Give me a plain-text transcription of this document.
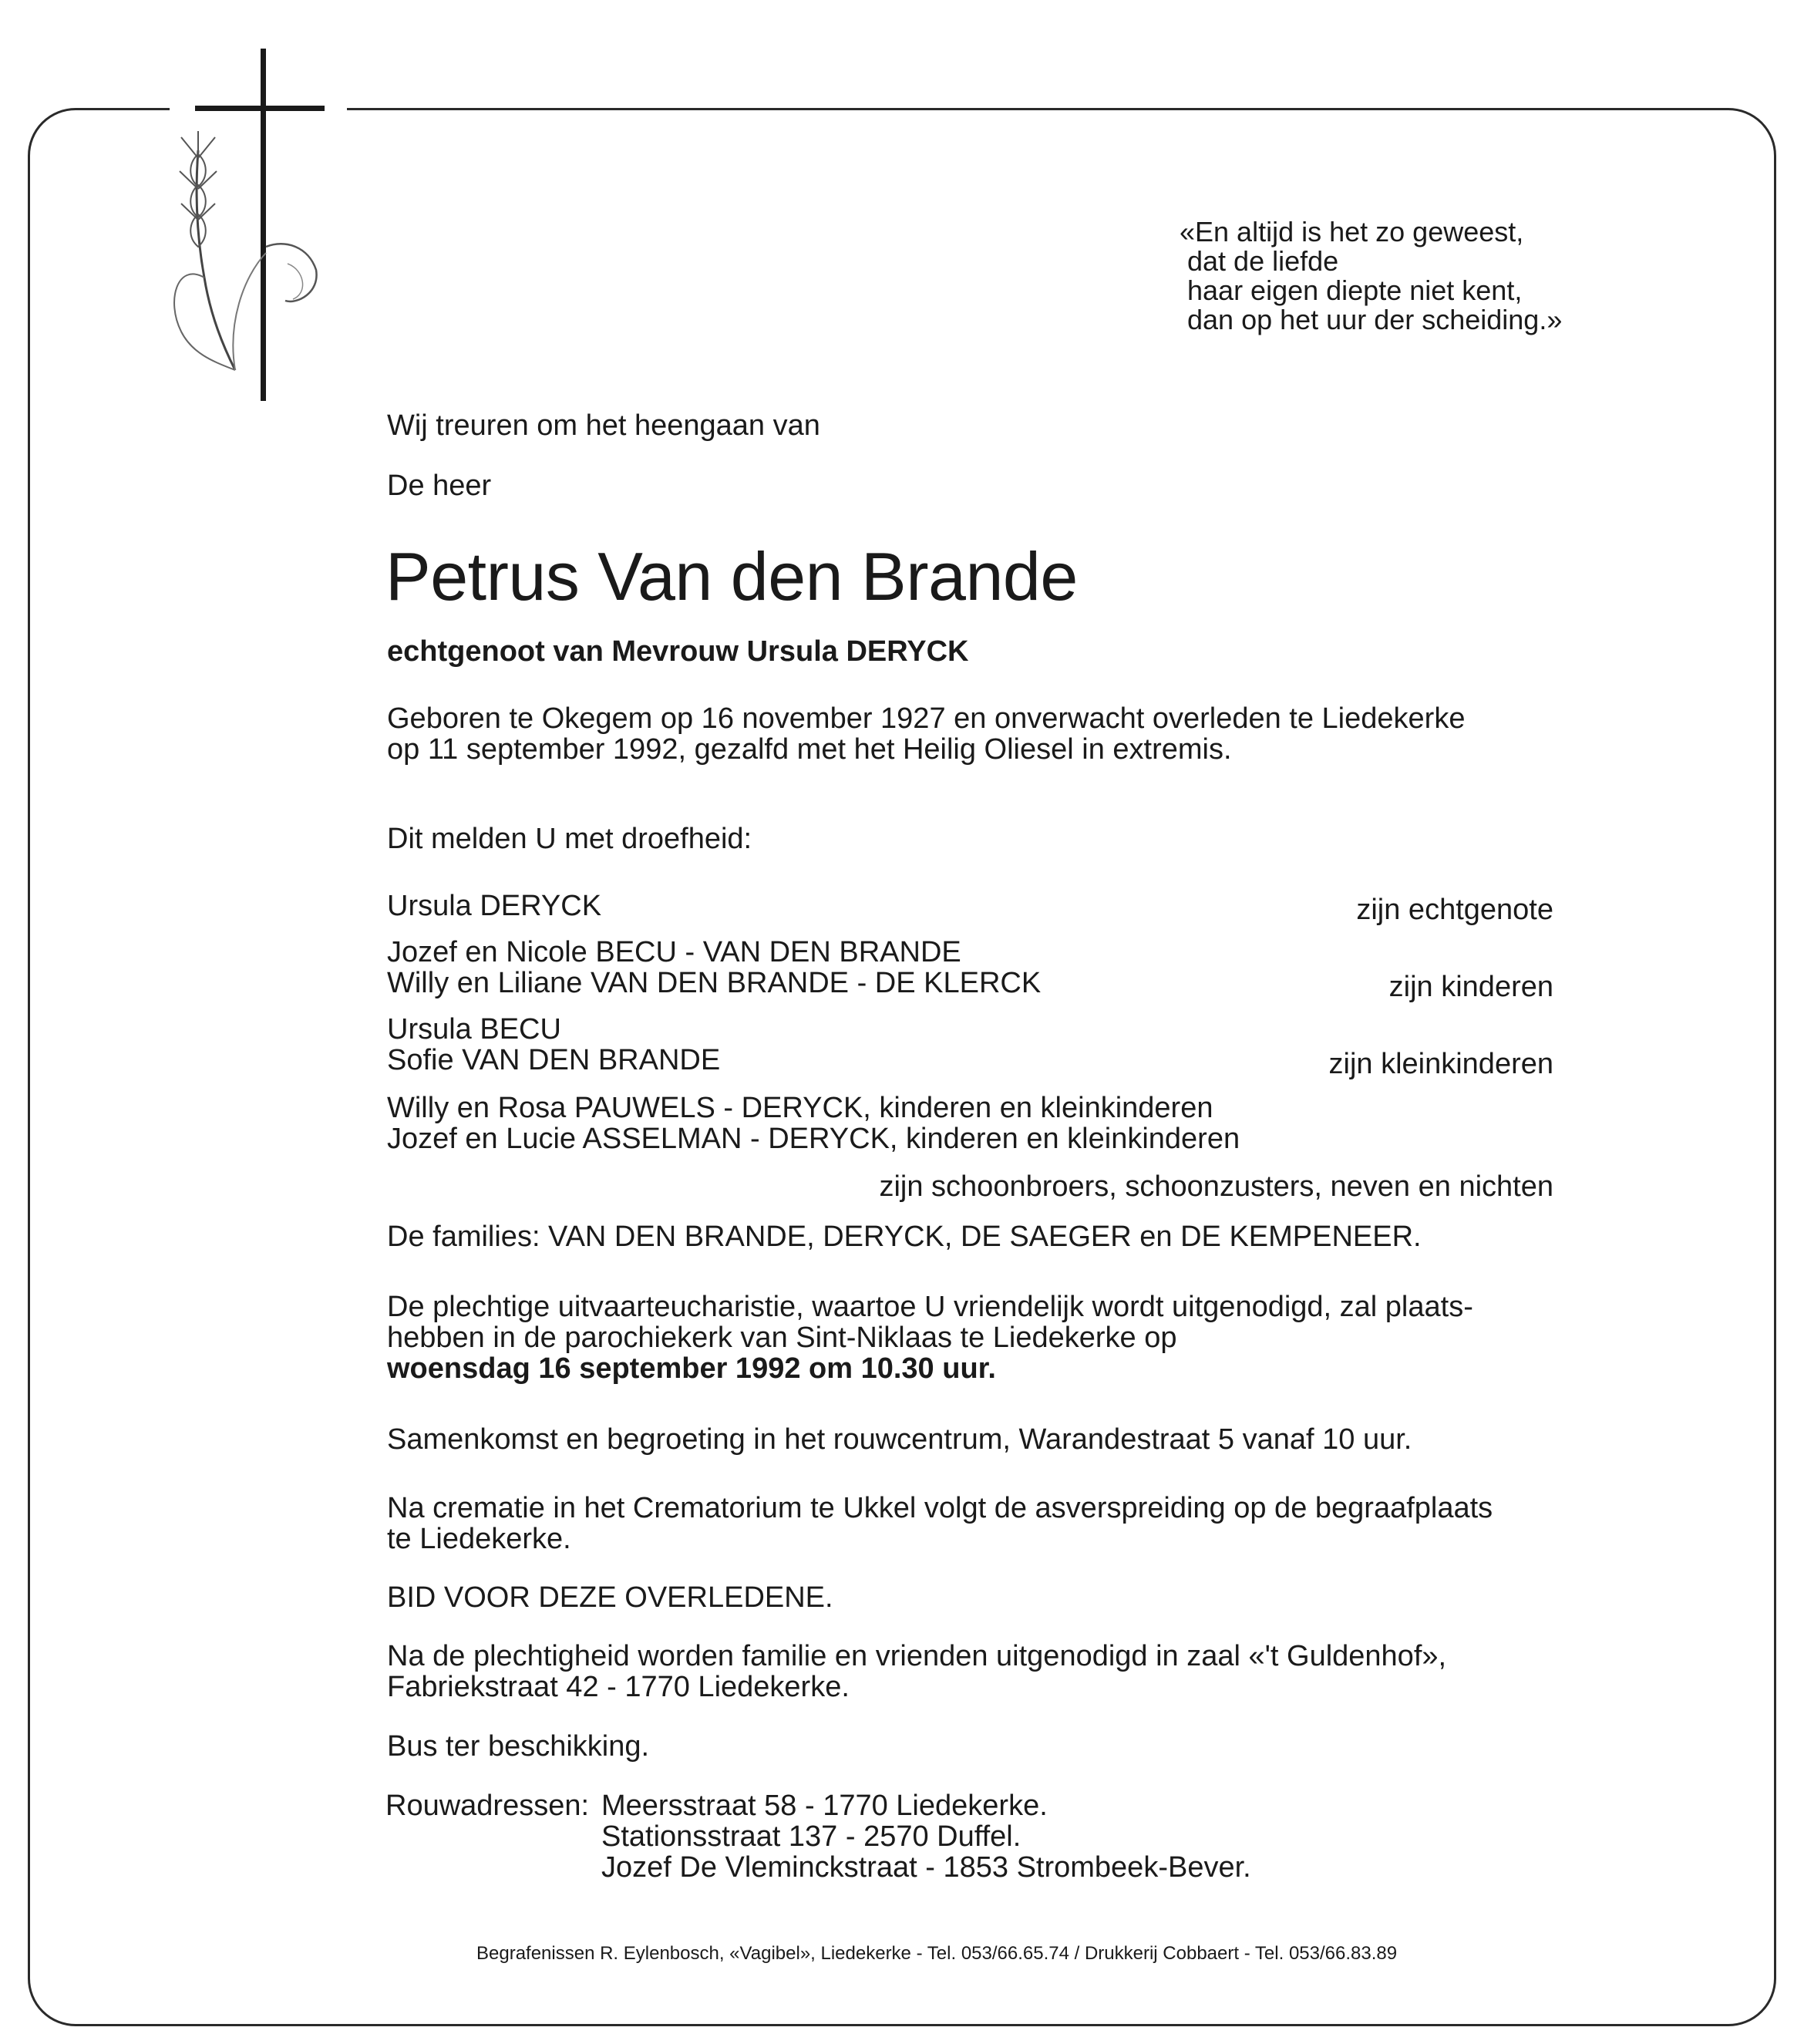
«En altijd is het zo geweest,
dat de liefde
haar eigen diepte niet kent,
dan op het uur der scheiding.»
Wij treuren om het heengaan van
De heer
Petrus Van den Brande
echtgenoot van Mevrouw Ursula DERYCK
Geboren te Okegem op 16 november 1927 en onverwacht overleden te Liedekerke
op 11 september 1992, gezalfd met het Heilig Oliesel in extremis.
Dit melden U met droefheid:
Ursula DERYCK	zijn echtgenote
Jozef en Nicole BECU - VAN DEN BRANDE
Willy en Liliane VAN DEN BRANDE - DE KLERCK	zijn kinderen
Ursula BECU
Sofie VAN DEN BRANDE	zijn kleinkinderen
Willy en Rosa PAUWELS - DERYCK, kinderen en kleinkinderen
Jozef en Lucie ASSELMAN - DERYCK, kinderen en kleinkinderen
zijn schoonbroers, schoonzusters, neven en nichten
De families: VAN DEN BRANDE, DERYCK, DE SAEGER en DE KEMPENEER.
De plechtige uitvaarteucharistie, waartoe U vriendelijk wordt uitgenodigd, zal plaats-
hebben in de parochiekerk van Sint-Niklaas te Liedekerke op
woensdag 16 september 1992 om 10.30 uur.
Samenkomst en begroeting in het rouwcentrum, Warandestraat 5 vanaf 10 uur.
Na crematie in het Crematorium te Ukkel volgt de asverspreiding op de begraafplaats
te Liedekerke.
BID VOOR DEZE OVERLEDENE.
Na de plechtigheid worden familie en vrienden uitgenodigd in zaal «'t Guldenhof»,
Fabriekstraat 42 - 1770 Liedekerke.
Bus ter beschikking.
Rouwadressen: Meersstraat 58 - 1770 Liedekerke.
Stationsstraat 137 - 2570 Duffel.
Jozef De Vleminckstraat - 1853 Strombeek-Bever.
Begrafenissen R. Eylenbosch, «Vagibel», Liedekerke - Tel. 053/66.65.74 / Drukkerij Cobbaert - Tel. 053/66.83.89
